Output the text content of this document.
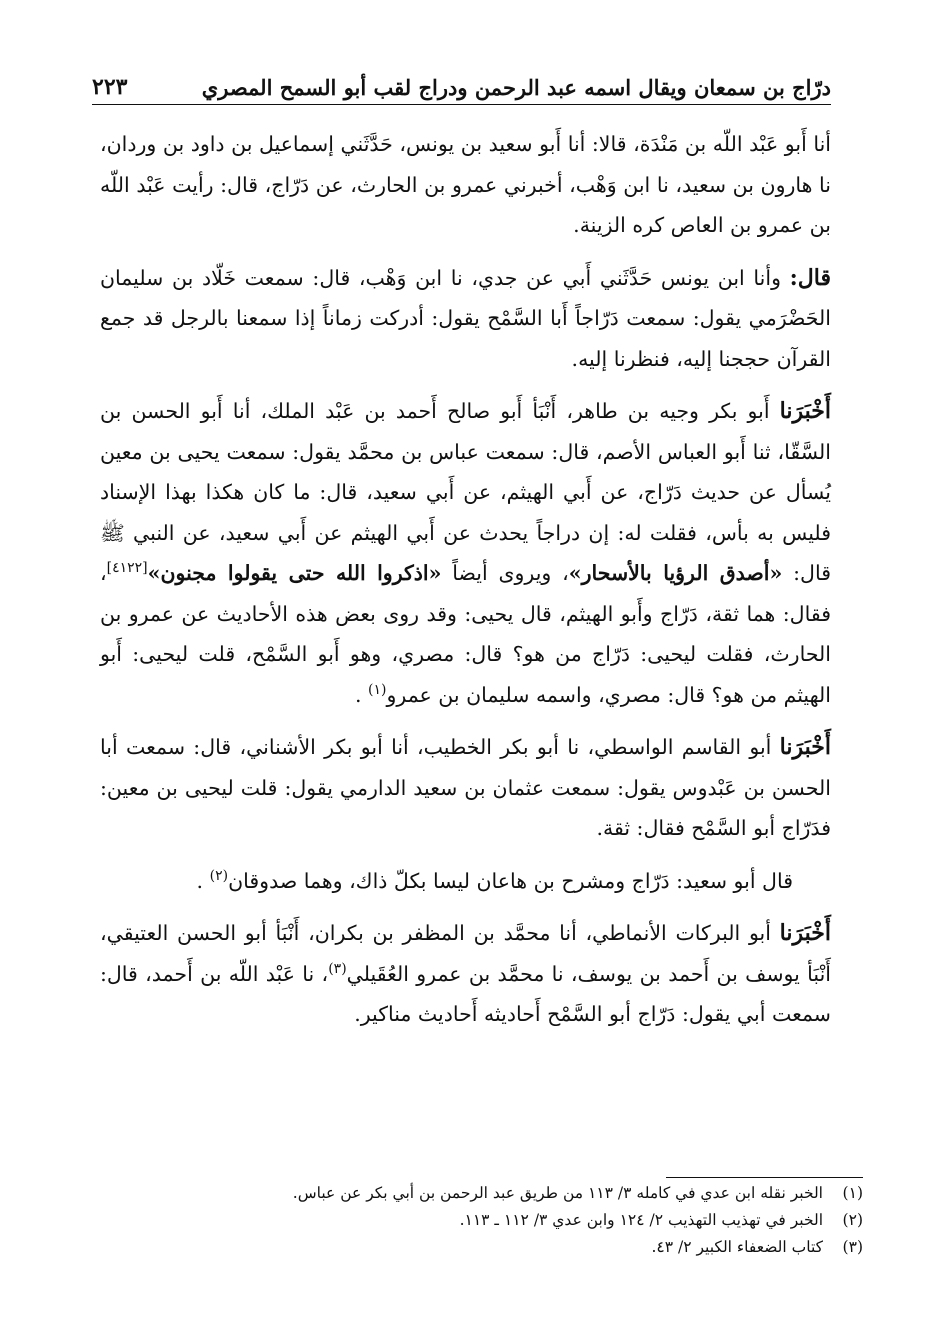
درّاج بن سمعان ويقال اسمه عبد الرحمن ودراج لقب أبو السمح المصري
٢٢٣

أنا أَبو عَبْد اللّه بن مَنْدَة، قالا: أنا أَبو سعيد بن يونس، حَدَّثَني إسماعيل بن داود بن وردان، نا هارون بن سعيد، نا ابن وَهْب، أخبرني عمرو بن الحارث، عن دَرّاج، قال: رأيت عَبْد اللّه بن عمرو بن العاص كره الزينة.

قال: وأنا ابن يونس حَدَّثَني أَبي عن جدي، نا ابن وَهْب، قال: سمعت خَلّاد بن سليمان الحَضْرَمي يقول: سمعت دَرّاجاً أَبا السَّمْح يقول: أدركت زماناً إذا سمعنا بالرجل قد جمع القرآن حججنا إليه، فنظرنا إليه.

أَخْبَرَنا أَبو بكر وجيه بن طاهر، أَنْبَأ أَبو صالح أَحمد بن عَبْد الملك، أنا أَبو الحسن بن السَّقّا، ثنا أَبو العباس الأصم، قال: سمعت عباس بن محمَّد يقول: سمعت يحيى بن معين يُسأل عن حديث دَرّاج، عن أَبي الهيثم، عن أَبي سعيد، قال: ما كان هكذا بهذا الإسناد فليس به بأس، فقلت له: إن دراجاً يحدث عن أَبي الهيثم عن أَبي سعيد، عن النبي ﷺ قال: «أصدق الرؤيا بالأسحار»، ويروى أيضاً «اذكروا الله حتى يقولوا مجنون»[٤١٢٢]، فقال: هما ثقة، دَرّاج وأَبو الهيثم، قال يحيى: وقد روى بعض هذه الأحاديث عن عمرو بن الحارث، فقلت ليحيى: دَرّاج من هو؟ قال: مصري، وهو أَبو السَّمْح، قلت ليحيى: أَبو الهيثم من هو؟ قال: مصري، واسمه سليمان بن عمرو$^{(١)}$ .

أَخْبَرَنا أبو القاسم الواسطي، نا أبو بكر الخطيب، أنا أبو بكر الأشناني، قال: سمعت أبا الحسن بن عَبْدوس يقول: سمعت عثمان بن سعيد الدارمي يقول: قلت ليحيى بن معين: فدَرّاج أبو السَّمْح فقال: ثقة.

قال أبو سعيد: دَرّاج ومشرح بن هاعان ليسا بكلّ ذاك، وهما صدوقان$^{(٢)}$ .

أَخْبَرَنا أبو البركات الأنماطي، أنا محمَّد بن المظفر بن بكران، أَنْبَأ أبو الحسن العتيقي، أَنْبَأ يوسف بن أَحمد بن يوسف، نا محمَّد بن عمرو العُقَيلي$^{(٣)}$، نا عَبْد اللّه بن أَحمد، قال: سمعت أبي يقول: دَرّاج أبو السَّمْح أَحاديثه أَحاديث مناكير.

(١)
الخبر نقله ابن عدي في كامله ٣/ ١١٣ من طريق عبد الرحمن بن أبي بكر عن عباس.
(٢)
الخبر في تهذيب التهذيب ٢/ ١٢٤ وابن عدي ٣/ ١١٢ ـ ١١٣.
(٣)
كتاب الضعفاء الكبير ٢/ ٤٣.
